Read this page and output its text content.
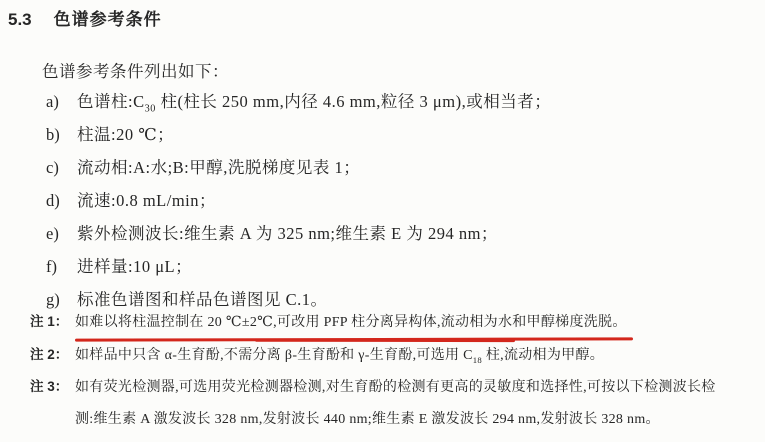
5.3 色谱参考条件
色谱参考条件列出如下：
a) 色谱柱$:C_{30}$ 柱(柱长 250 mm,内径 4.6 mm,粒径 3 μm),或相当者；
b) 柱温:20 ℃；
c) 流动相:A:水;B:甲醇,洗脱梯度见表 1；
d) 流速:0.8 mL/min；
e) 紫外检测波长:维生素 A 为 325 nm;维生素 E 为 294 nm；
f) 进样量:10 μL；
g) 标准色谱图和样品色谱图见 C.1。
注 1： 如难以将柱温控制在 20 ℃±2℃,可改用 PFP 柱分离异构体,流动相为水和甲醇梯度洗脱。
注 2： 如样品中只含 α-生育酚,不需分离 β-生育酚和 γ-生育酚,可选用 $C_{18}$ 柱,流动相为甲醇。
注 3： 如有荧光检测器,可选用荧光检测器检测,对生育酚的检测有更高的灵敏度和选择性,可按以下检测波长检
测:维生素 A 激发波长 328 nm,发射波长 440 nm;维生素 E 激发波长 294 nm,发射波长 328 nm。
